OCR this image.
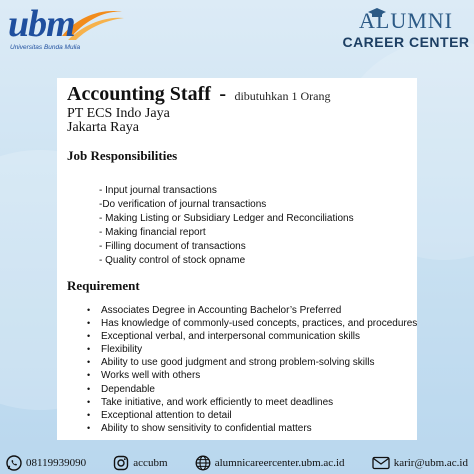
ubm
Universitas Bunda Mulia
ALUMNI
CAREER CENTER
Accounting Staff - dibutuhkan 1 Orang
PT ECS Indo Jaya
Jakarta Raya
Job Responsibilities
- Input journal transactions
-Do verification of journal transactions
- Making Listing or Subsidiary Ledger and Reconciliations
- Making financial report
- Filling document of transactions
- Quality control of stock opname
Requirement
• Associates Degree in Accounting Bachelor’s Preferred
• Has knowledge of commonly-used concepts, practices, and procedures
• Exceptional verbal, and interpersonal communication skills
• Flexibility
• Ability to use good judgment and strong problem-solving skills
• Works well with others
• Dependable
• Take initiative, and work efficiently to meet deadlines
• Exceptional attention to detail
• Ability to show sensitivity to confidential matters
08119939090	accubm	alumnicareercenter.ubm.ac.id	karir@ubm.ac.id
